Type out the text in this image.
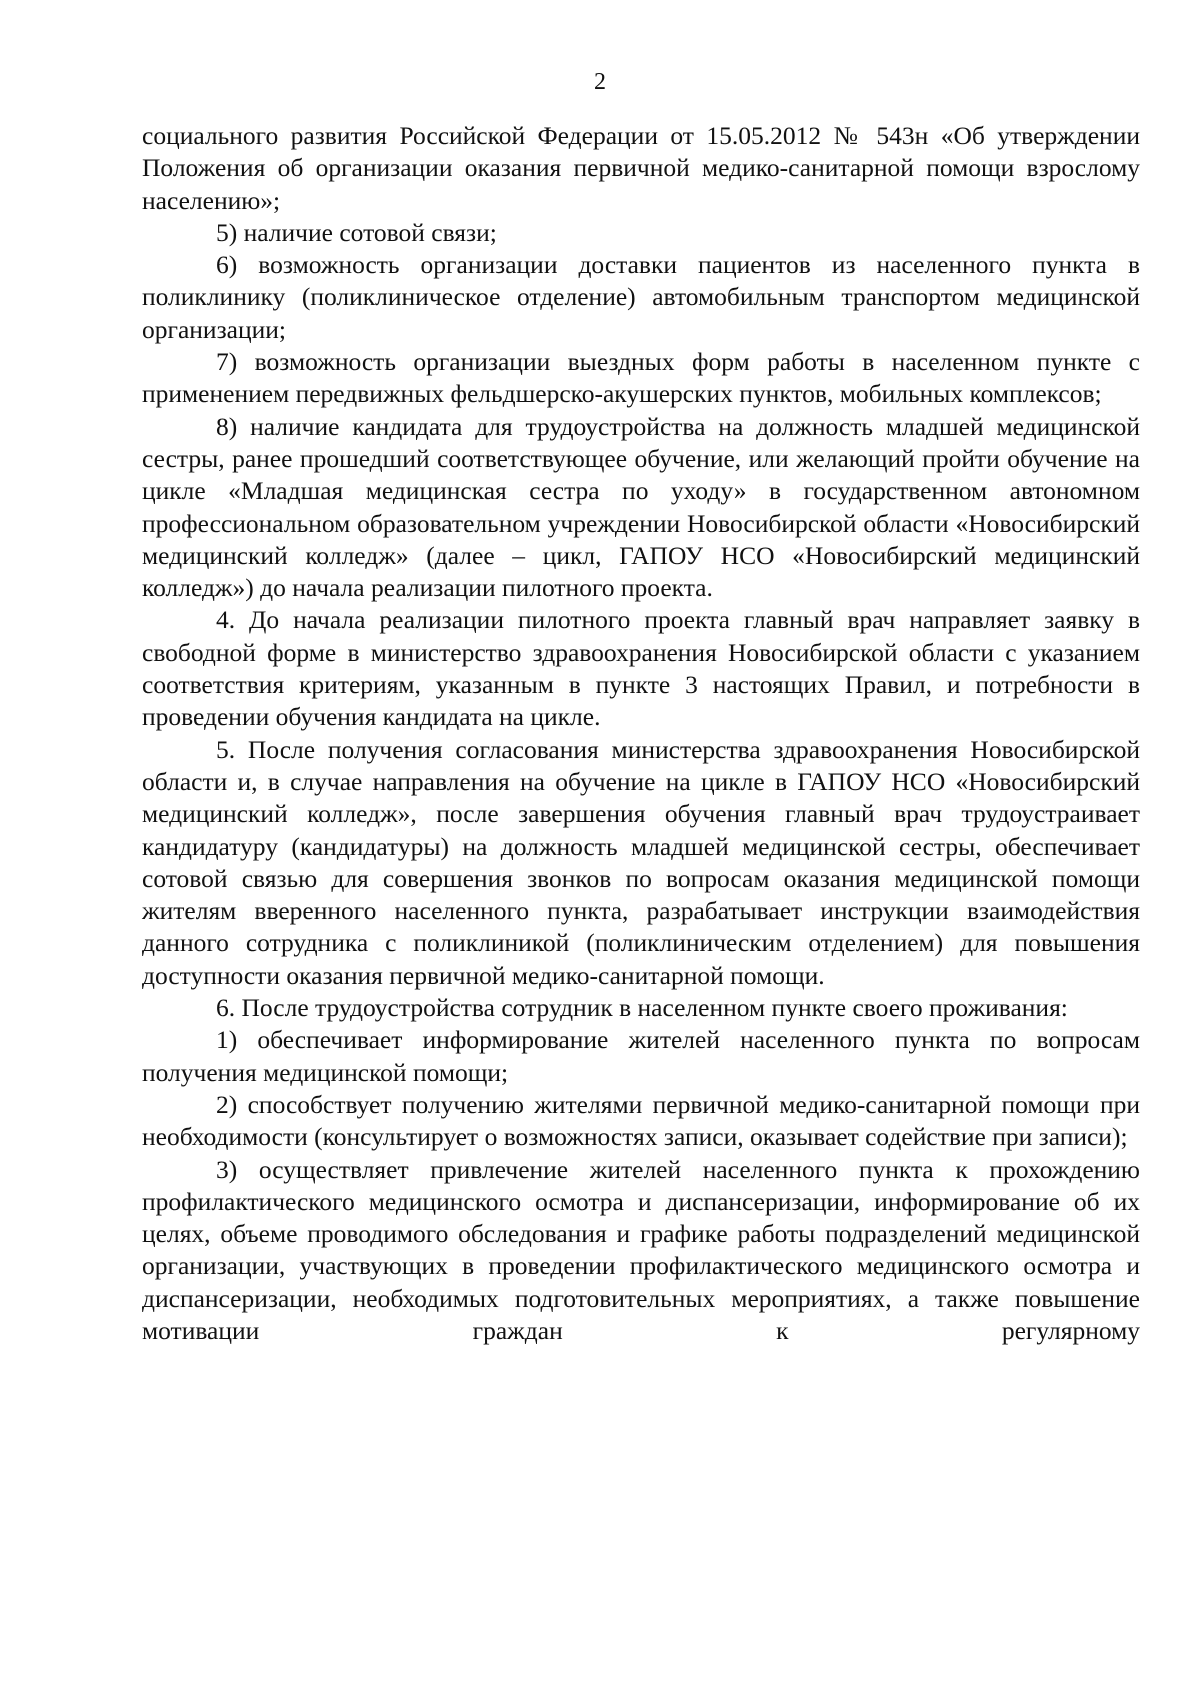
2

социального развития Российской Федерации от 15.05.2012 № 543н «Об утверждении Положения об организации оказания первичной медико-санитарной помощи взрослому населению»;

5) наличие сотовой связи;

6) возможность организации доставки пациентов из населенного пункта в поликлинику (поликлиническое отделение) автомобильным транспортом медицинской организации;

7) возможность организации выездных форм работы в населенном пункте с применением передвижных фельдшерско-акушерских пунктов, мобильных комплексов;

8) наличие кандидата для трудоустройства на должность младшей медицинской сестры, ранее прошедший соответствующее обучение, или желающий пройти обучение на цикле «Младшая медицинская сестра по уходу» в государственном автономном профессиональном образовательном учреждении Новосибирской области «Новосибирский медицинский колледж» (далее – цикл, ГАПОУ НСО «Новосибирский медицинский колледж») до начала реализации пилотного проекта.

4. До начала реализации пилотного проекта главный врач направляет заявку в свободной форме в министерство здравоохранения Новосибирской области с указанием соответствия критериям, указанным в пункте 3 настоящих Правил, и потребности в проведении обучения кандидата на цикле.

5. После получения согласования министерства здравоохранения Новосибирской области и, в случае направления на обучение на цикле в ГАПОУ НСО «Новосибирский медицинский колледж», после завершения обучения главный врач трудоустраивает кандидатуру (кандидатуры) на должность младшей медицинской сестры, обеспечивает сотовой связью для совершения звонков по вопросам оказания медицинской помощи жителям вверенного населенного пункта, разрабатывает инструкции взаимодействия данного сотрудника с поликлиникой (поликлиническим отделением) для повышения доступности оказания первичной медико-санитарной помощи.

6. После трудоустройства сотрудник в населенном пункте своего проживания:

1) обеспечивает информирование жителей населенного пункта по вопросам получения медицинской помощи;

2) способствует получению жителями первичной медико-санитарной помощи при необходимости (консультирует о возможностях записи, оказывает содействие при записи);

3) осуществляет привлечение жителей населенного пункта к прохождению профилактического медицинского осмотра и диспансеризации, информирование об их целях, объеме проводимого обследования и графике работы подразделений медицинской организации, участвующих в проведении профилактического медицинского осмотра и диспансеризации, необходимых подготовительных мероприятиях, а также повышение мотивации граждан к регулярному
